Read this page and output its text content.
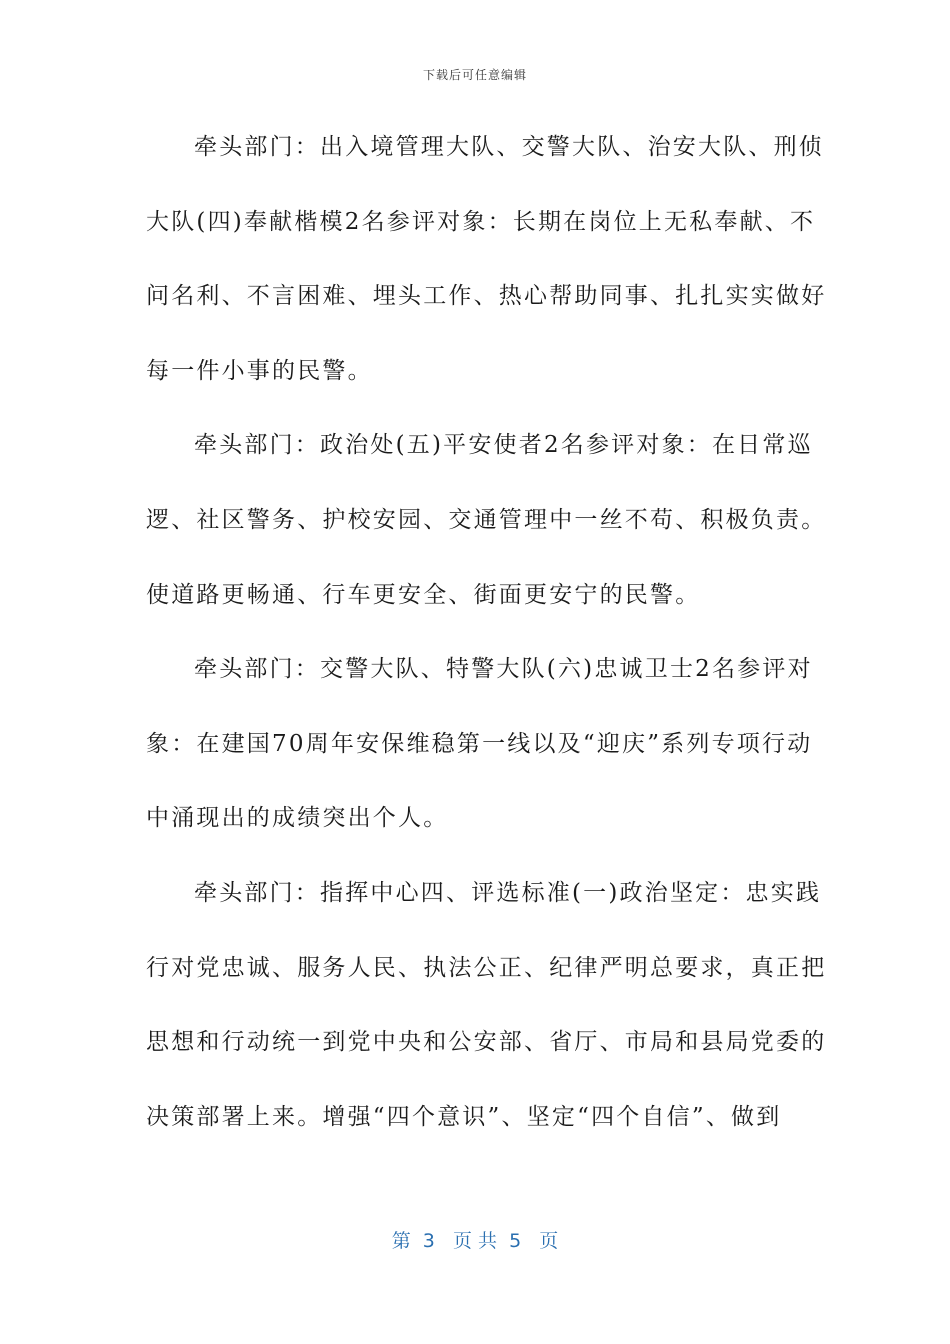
下载后可任意编辑
牵头部门：出入境管理大队、交警大队、治安大队、刑侦
大队(四)奉献楷模2名参评对象：长期在岗位上无私奉献、不
问名利、不言困难、埋头工作、热心帮助同事、扎扎实实做好
每一件小事的民警。
牵头部门：政治处(五)平安使者2名参评对象：在日常巡
逻、社区警务、护校安园、交通管理中一丝不苟、积极负责。
使道路更畅通、行车更安全、街面更安宁的民警。
牵头部门：交警大队、特警大队(六)忠诚卫士2名参评对
象：在建国70周年安保维稳第一线以及“迎庆”系列专项行动
中涌现出的成绩突出个人。
牵头部门：指挥中心四、评选标准(一)政治坚定：忠实践
行对党忠诚、服务人民、执法公正、纪律严明总要求，真正把
思想和行动统一到党中央和公安部、省厅、市局和县局党委的
决策部署上来。增强“四个意识”、坚定“四个自信”、做到
第  3   页 共  5   页
